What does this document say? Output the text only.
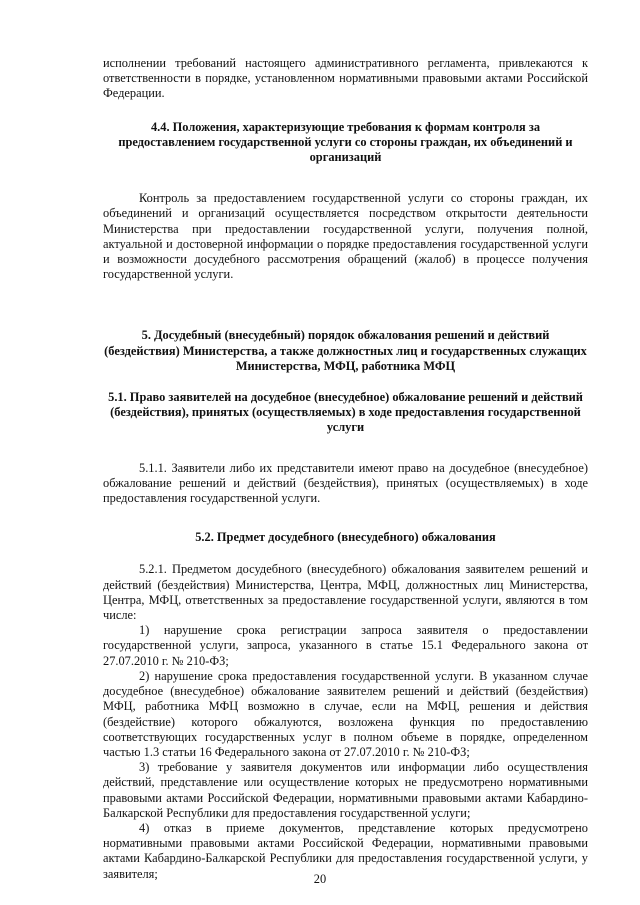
исполнении требований настоящего административного регламента, привлекаются к ответственности в порядке, установленном нормативными правовыми актами Российской Федерации.

4.4. Положения, характеризующие требования к формам контроля за предоставлением государственной услуги со стороны граждан, их объединений и организаций

Контроль за предоставлением государственной услуги со стороны граждан, их объединений и организаций осуществляется посредством открытости деятельности Министерства при предоставлении государственной услуги, получения полной, актуальной и достоверной информации о порядке предоставления государственной услуги и возможности досудебного рассмотрения обращений (жалоб) в процессе получения государственной услуги.

5. Досудебный (внесудебный) порядок обжалования решений и действий (бездействия) Министерства, а также должностных лиц и государственных служащих Министерства, МФЦ, работника МФЦ

5.1. Право заявителей на досудебное (внесудебное) обжалование решений и действий (бездействия), принятых (осуществляемых) в ходе предоставления государственной услуги

5.1.1. Заявители либо их представители имеют право на досудебное (внесудебное) обжалование решений и действий (бездействия), принятых (осуществляемых) в ходе предоставления государственной услуги.

5.2. Предмет досудебного (внесудебного) обжалования

5.2.1. Предметом досудебного (внесудебного) обжалования заявителем решений и действий (бездействия) Министерства, Центра, МФЦ, должностных лиц Министерства, Центра, МФЦ, ответственных за предоставление государственной услуги, являются в том числе:

1) нарушение срока регистрации запроса заявителя о предоставлении государственной услуги, запроса, указанного в статье 15.1 Федерального закона от 27.07.2010 г. № 210-ФЗ;

2) нарушение срока предоставления государственной услуги. В указанном случае досудебное (внесудебное) обжалование заявителем решений и действий (бездействия) МФЦ, работника МФЦ возможно в случае, если на МФЦ, решения и действия (бездействие) которого обжалуются, возложена функция по предоставлению соответствующих государственных услуг в полном объеме в порядке, определенном частью 1.3 статьи 16 Федерального закона от 27.07.2010 г. № 210-ФЗ;

3) требование у заявителя документов или информации либо осуществления действий, представление или осуществление которых не предусмотрено нормативными правовыми актами Российской Федерации, нормативными правовыми актами Кабардино-Балкарской Республики для предоставления государственной услуги;

4) отказ в приеме документов, представление которых предусмотрено нормативными правовыми актами Российской Федерации, нормативными правовыми актами Кабардино-Балкарской Республики для предоставления государственной услуги, у заявителя;	20
